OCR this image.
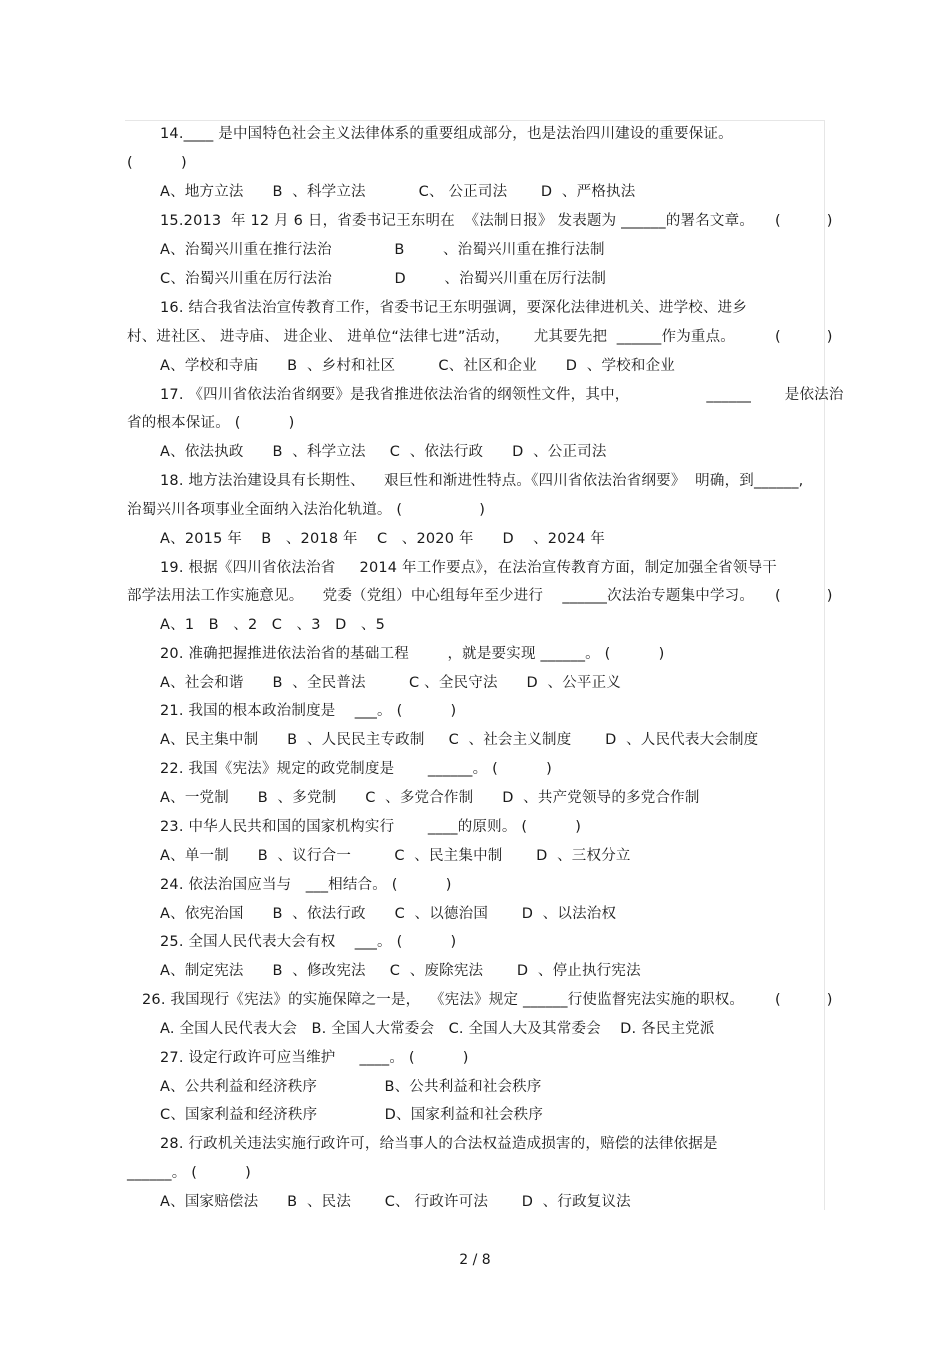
14.____ 是中国特色社会主义法律体系的重要组成部分，也是法治四川建设的重要保证。
(          )
A、地方立法      B  、科学立法           C、 公正司法       D  、严格执法
15.2013  年 12 月 6 日，省委书记王东明在  《法制日报》 发表题为 ______的署名文章。 (          )
A、治蜀兴川重在推行法治             B        、治蜀兴川重在推行法制
C、治蜀兴川重在厉行法治             D        、治蜀兴川重在厉行法制
16. 结合我省法治宣传教育工作，省委书记王东明强调，要深化法律进机关、进学校、进乡
村、进社区、 进寺庙、 进企业、 进单位“法律七进”活动，     尤其要先把  ______作为重点。	(          )
A、学校和寺庙      B  、乡村和社区         C、社区和企业      D  、学校和企业
17. 《四川省依法治省纲要》是我省推进依法治省的纲领性文件，其中，                ______       是依法治
省的根本保证。 (          )
A、依法执政      B  、科学立法     C  、依法行政      D  、公正司法
18. 地方法治建设具有长期性、    艰巨性和渐进性特点。《四川省依法治省纲要》  明确，到______,
治蜀兴川各项事业全面纳入法治化轨道。 (                )
A、2015 年    B   、2018 年    C   、2020 年      D    、2024 年
19. 根据《四川省依法治省     2014 年工作要点》，在法治宣传教育方面，制定加强全省领导干
部学法用法工作实施意见。    党委（党组）中心组每年至少进行    ______次法治专题集中学习。 (          )
A、1   B   、2   C   、3   D   、5
20. 准确把握推进依法治省的基础工程        ，就是要实现 ______。 (          )
A、社会和谐      B  、全民普法         C 、全民守法      D  、公平正义
21. 我国的根本政治制度是    ___。 (          )
A、民主集中制      B  、人民民主专政制     C  、社会主义制度       D  、人民代表大会制度
22. 我国《宪法》规定的政党制度是       ______。 (          )
A、一党制      B  、多党制      C  、多党合作制      D  、共产党领导的多党合作制
23. 中华人民共和国的国家机构实行       ____的原则。 (          )
A、单一制      B  、议行合一         C  、民主集中制       D  、三权分立
24. 依法治国应当与   ___相结合。 (          )
A、依宪治国      B  、依法行政      C  、以德治国       D  、以法治权
25. 全国人民代表大会有权    ___。 (          )
A、制定宪法      B  、修改宪法     C  、废除宪法       D  、停止执行宪法
26. 我国现行《宪法》的实施保障之一是，  《宪法》规定 ______行使监督宪法实施的职权。 (          )
A. 全国人民代表大会   B. 全国人大常委会   C. 全国人大及其常委会    D. 各民主党派
27. 设定行政许可应当维护     ____。 (          )
A、公共利益和经济秩序              B、公共利益和社会秩序
C、国家利益和经济秩序              D、国家利益和社会秩序
28. 行政机关违法实施行政许可，给当事人的合法权益造成损害的，赔偿的法律依据是
______。 (          )
A、国家赔偿法      B  、民法       C、 行政许可法       D  、行政复议法
2 / 8
